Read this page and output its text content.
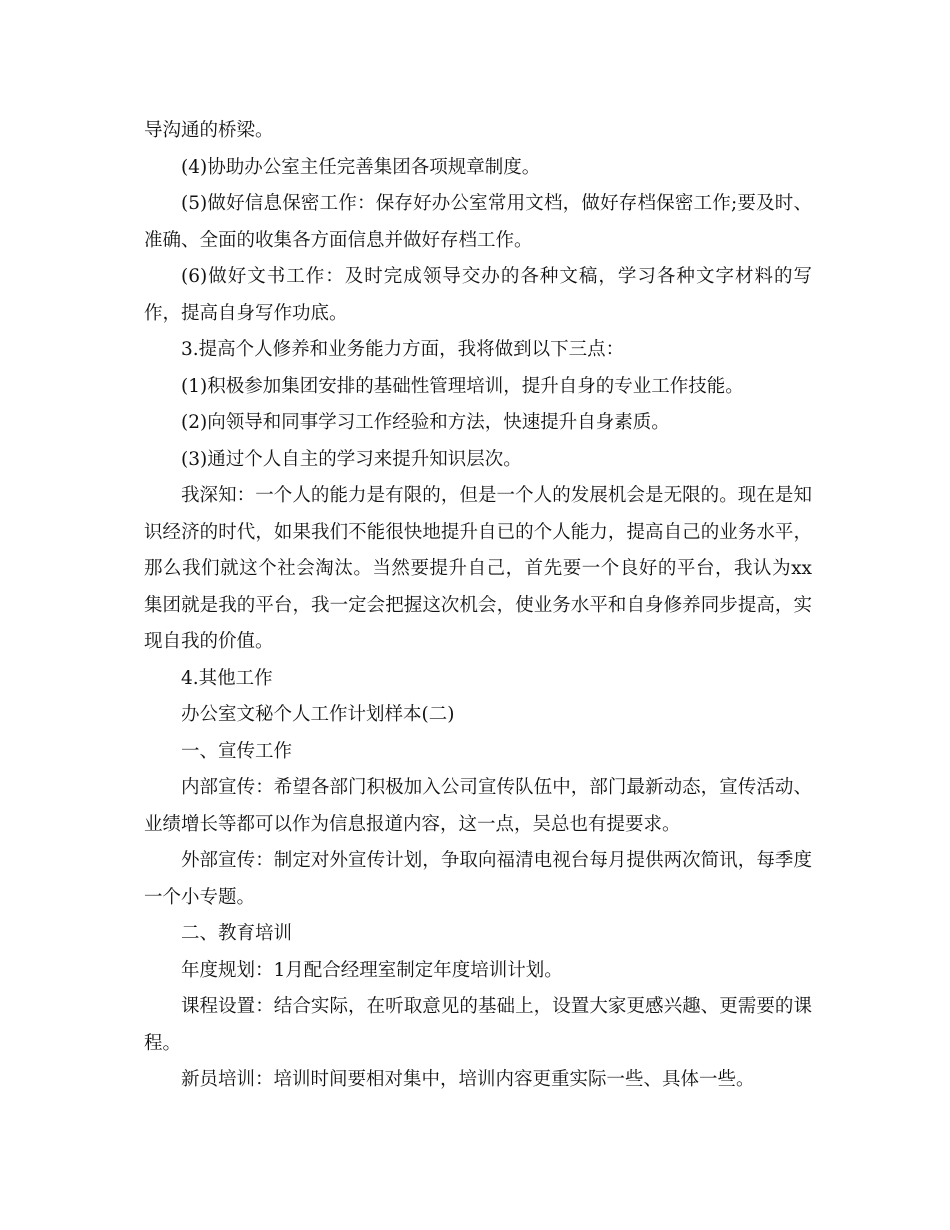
导沟通的桥梁。

(4)协助办公室主任完善集团各项规章制度。

(5)做好信息保密工作：保存好办公室常用文档，做好存档保密工作;要及时、准确、全面的收集各方面信息并做好存档工作。

(6)做好文书工作：及时完成领导交办的各种文稿，学习各种文字材料的写作，提高自身写作功底。

3.提高个人修养和业务能力方面，我将做到以下三点：

(1)积极参加集团安排的基础性管理培训，提升自身的专业工作技能。

(2)向领导和同事学习工作经验和方法，快速提升自身素质。

(3)通过个人自主的学习来提升知识层次。

我深知：一个人的能力是有限的，但是一个人的发展机会是无限的。现在是知识经济的时代，如果我们不能很快地提升自已的个人能力，提高自己的业务水平，那么我们就这个社会淘汰。当然要提升自己，首先要一个良好的平台，我认为xx集团就是我的平台，我一定会把握这次机会，使业务水平和自身修养同步提高，实现自我的价值。

4.其他工作

办公室文秘个人工作计划样本(二)

一、宣传工作

内部宣传：希望各部门积极加入公司宣传队伍中，部门最新动态，宣传活动、业绩增长等都可以作为信息报道内容，这一点，吴总也有提要求。

外部宣传：制定对外宣传计划，争取向福清电视台每月提供两次简讯，每季度一个小专题。

二、教育培训

年度规划：1月配合经理室制定年度培训计划。

课程设置：结合实际，在听取意见的基础上，设置大家更感兴趣、更需要的课程。

新员培训：培训时间要相对集中，培训内容更重实际一些、具体一些。
